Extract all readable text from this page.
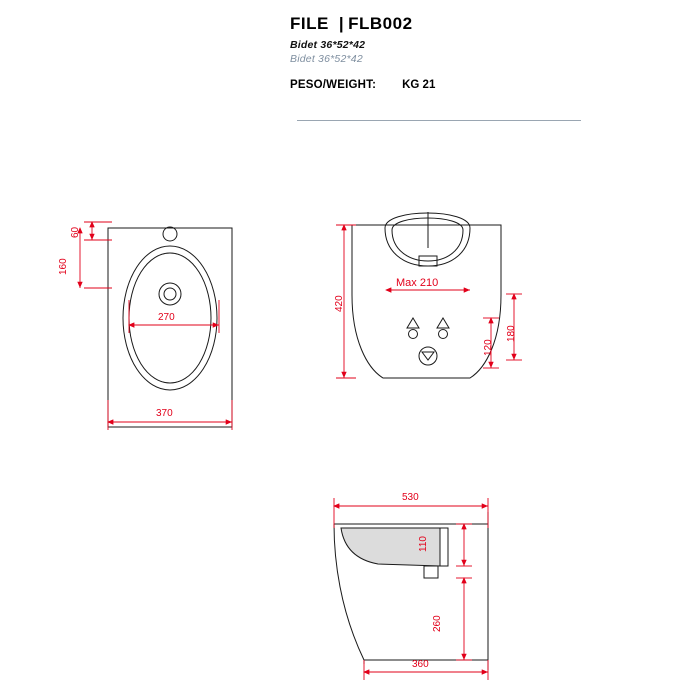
FILE | FLB002
Bidet 36*52*42
Bidet 36*52*42
PESO/WEIGHT: KG 21
60
160
270
370
420
Max 210
180
120
530
110
260
360
